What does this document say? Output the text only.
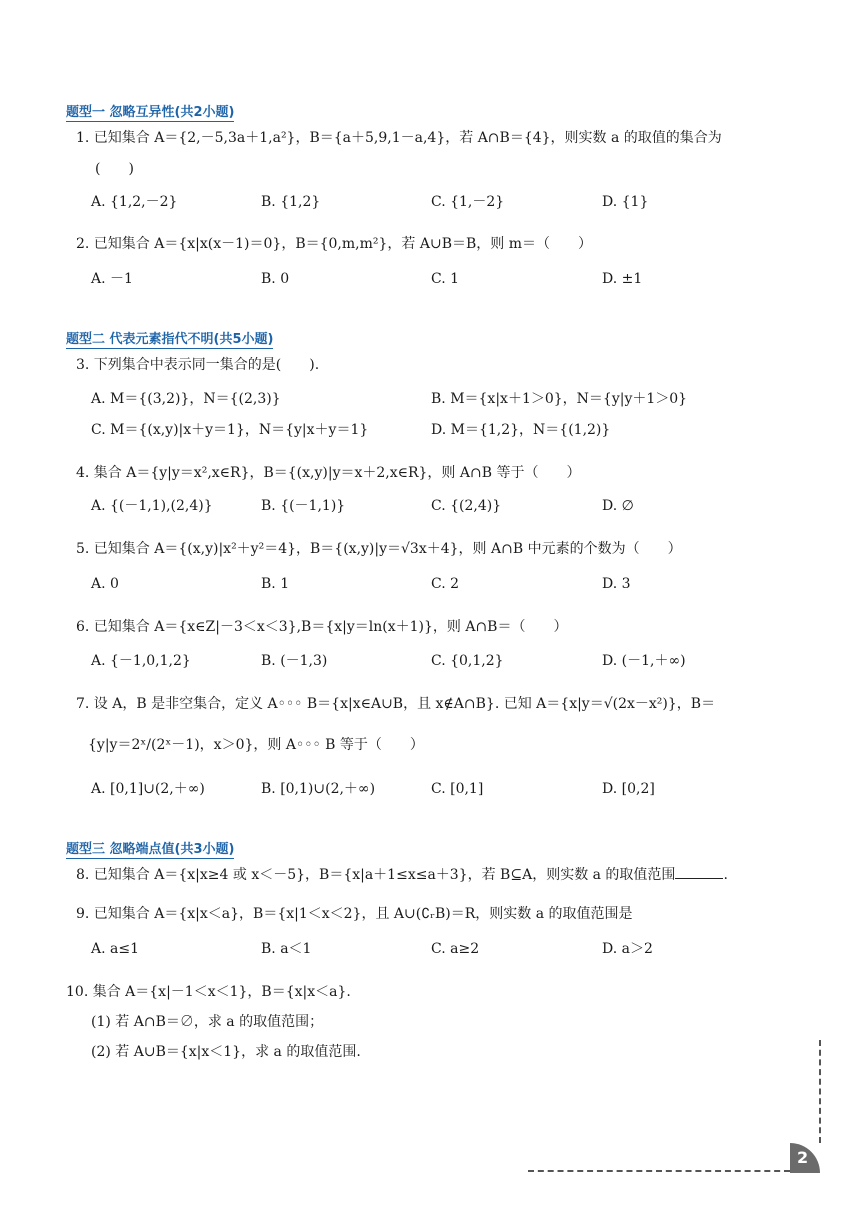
题型一 忽略互异性(共2小题)
1. 已知集合 A＝{2,－5,3a＋1,a²}，B＝{a＋5,9,1－a,4}，若 A∩B＝{4}，则实数 a 的取值的集合为
(　　)
A. {1,2,－2}	B. {1,2}	C. {1,－2}	D. {1}
2. 已知集合 A＝{x|x(x－1)＝0}，B＝{0,m,m²}，若 A∪B＝B，则 m＝（　　）
A. －1	B. 0	C. 1	D. ±1
题型二 代表元素指代不明(共5小题)
3. 下列集合中表示同一集合的是(　　).
A. M＝{(3,2)}，N＝{(2,3)}	B. M＝{x|x＋1＞0}，N＝{y|y＋1＞0}
C. M＝{(x,y)|x＋y＝1}，N＝{y|x＋y＝1}	D. M＝{1,2}，N＝{(1,2)}
4. 集合 A＝{y|y＝x²,x∈R}，B＝{(x,y)|y＝x＋2,x∈R}，则 A∩B 等于（　　）
A. {(－1,1),(2,4)}	B. {(－1,1)}	C. {(2,4)}	D. ∅
5. 已知集合 A＝{(x,y)|x²＋y²＝4}，B＝{(x,y)|y＝√3x＋4}，则 A∩B 中元素的个数为（　　）
A. 0	B. 1	C. 2	D. 3
6. 已知集合 A＝{x∈Z|－3＜x＜3},B＝{x|y＝ln(x＋1)}，则 A∩B＝（　　）
A. {－1,0,1,2}	B. (－1,3)	C. {0,1,2}	D. (－1,＋∞)
7. 设 A，B 是非空集合，定义 A◦◦◦ B＝{x|x∈A∪B，且 x∉A∩B}. 已知 A＝{x|y＝√(2x－x²)}，B＝
{y|y＝2ˣ/(2ˣ－1)，x＞0}，则 A◦◦◦ B 等于（　　）
A. [0,1]∪(2,＋∞)	B. [0,1)∪(2,＋∞)	C. [0,1]	D. [0,2]
题型三 忽略端点值(共3小题)
8. 已知集合 A＝{x|x≥4 或 x＜－5}，B＝{x|a＋1≤x≤a＋3}，若 B⊆A，则实数 a 的取值范围	.
9. 已知集合 A＝{x|x＜a}，B＝{x|1＜x＜2}，且 A∪(∁ᵣB)＝R，则实数 a 的取值范围是
A. a≤1	B. a＜1	C. a≥2	D. a＞2
10. 集合 A＝{x|－1＜x＜1}，B＝{x|x＜a}.
(1) 若 A∩B＝∅，求 a 的取值范围；
(2) 若 A∪B＝{x|x＜1}，求 a 的取值范围.
2
